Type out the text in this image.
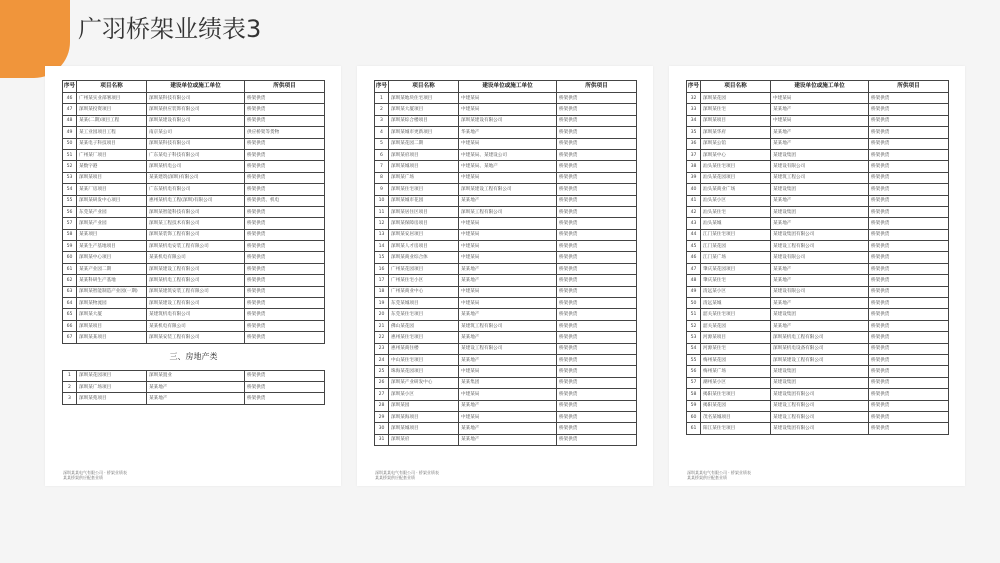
广羽桥架业绩表3
序号	项目名称	建设单位或施工单位	所供项目
46	广州某实业部署项目	深圳某科技有限公司	桥架供货
47	深圳某投资项目	深圳某供应装饰有限公司	桥架供货
48	某某(二期)项目工程	深圳某建设有限公司	桥架供货
49	某工业园项目工程	南京某公司	供应桥架等货物
50	某某电子科技项目	深圳某科技有限公司	桥架供货
51	广州某厂项目	广东某电子科技有限公司	桥架供货
52	某数字港	深圳某机电公司	桥架供货
53	深圳某项目	某某建筑(深圳)有限公司	桥架供货
54	某某厂房项目	广东某机电有限公司	桥架供货
55	深圳某研发中心项目	惠州某机电工程(深圳)有限公司	桥架供货、机电
56	东莞某产业园	深圳某智能科技有限公司	桥架供货
57	深圳某产业园	深圳某工程技术有限公司	桥架供货
58	某某项目	深圳某装饰工程有限公司	桥架供货
59	某某生产基地项目	深圳某机电安装工程有限公司	桥架供货
60	深圳某中心项目	某某机电有限公司	桥架供货
61	某某产业园二期	深圳某建设工程有限公司	桥架供货
62	某某科研生产基地	深圳某机电工程有限公司	桥架供货
63	深圳某智能制造产业园(一期)	深圳某建筑安装工程有限公司	桥架供货
64	深圳某物流园	深圳某建设工程有限公司	桥架供货
65	深圳某大厦	某建筑机电有限公司	桥架供货
66	深圳某项目	某某机电有限公司	桥架供货
67	深圳某某项目	深圳某安装工程有限公司	桥架供货
三、房地产类			
1	深圳某花园项目	深圳某置业	桥架供货
2	深圳某广场项目	某某地产	桥架供货
3	深圳某苑项目	某某地产	桥架供货
深圳某某电气有限公司 · 桥架业绩表
某某桥架供应配套业绩
序号	项目名称	建设单位或施工单位	所供项目
1	深圳某地块住宅项目	中建某局	桥架供货
2	深圳某大厦项目	中建某局	桥架供货
3	深圳某综合楼项目	深圳某建设有限公司	桥架供货
4	深圳某城市更新项目	华某地产	桥架供货
5	深圳某花园二期	中建某局	桥架供货
6	深圳某府项目	中建某局、某建设公司	桥架供货
7	深圳某城项目	中建某局、某地产	桥架供货
8	深圳某广场	中建某局	桥架供货
9	深圳某住宅项目	深圳某建设工程有限公司	桥架供货
10	深圳某城市花园	某某地产	桥架供货
11	深圳某居住区项目	深圳某工程有限公司	桥架供货
12	深圳某保障房项目	中建某局	桥架供货
13	深圳某安居项目	中建某局	桥架供货
14	深圳某人才房项目	中建某局	桥架供货
15	深圳某商业综合体	中建某局	桥架供货
16	广州某花园项目	某某地产	桥架供货
17	广州某住宅小区	某某地产	桥架供货
18	广州某商业中心	中建某局	桥架供货
19	东莞某城项目	中建某局	桥架供货
20	东莞某住宅项目	某某地产	桥架供货
21	佛山某花园	某建筑工程有限公司	桥架供货
22	惠州某住宅项目	某某地产	桥架供货
23	惠州某商住楼	某建设工程有限公司	桥架供货
24	中山某住宅项目	某某地产	桥架供货
25	珠海某花园项目	中建某局	桥架供货
26	深圳某产业研发中心	某某集团	桥架供货
27	深圳某小区	中建某局	桥架供货
28	深圳某园	某某地产	桥架供货
29	深圳某海项目	中建某局	桥架供货
30	深圳某城项目	某某地产	桥架供货
31	深圳某府	某某地产	桥架供货
深圳某某电气有限公司 · 桥架业绩表
某某桥架供应配套业绩
序号	项目名称	建设单位或施工单位	所供项目
32	深圳某花园	中建某局	桥架供货
33	深圳某住宅	某某地产	桥架供货
34	深圳某项目	中建某局	桥架供货
35	深圳某华府	某某地产	桥架供货
36	深圳某公馆	某某地产	桥架供货
37	深圳某中心	某建设集团	桥架供货
38	汕头某住宅项目	某建设有限公司	桥架供货
39	汕头某花园项目	某建筑工程公司	桥架供货
40	汕头某商业广场	某建设集团	桥架供货
41	汕头某小区	某某地产	桥架供货
42	汕头某住宅	某建设集团	桥架供货
43	汕头某城	某某地产	桥架供货
44	江门某住宅项目	某建设集团有限公司	桥架供货
45	江门某花园	某建设工程有限公司	桥架供货
46	江门某广场	某建设有限公司	桥架供货
47	肇庆某花园项目	某某地产	桥架供货
48	肇庆某住宅	某某地产	桥架供货
49	清远某小区	某建设有限公司	桥架供货
50	清远某城	某某地产	桥架供货
51	韶关某住宅项目	某建设集团	桥架供货
52	韶关某花园	某某地产	桥架供货
53	河源某项目	深圳某机电工程有限公司	桥架供货
54	河源某住宅	深圳某机电设备有限公司	桥架供货
55	梅州某花园	深圳某建设工程有限公司	桥架供货
56	梅州某广场	某建设集团	桥架供货
57	潮州某小区	某建设集团	桥架供货
58	揭阳某住宅项目	某建设集团有限公司	桥架供货
59	揭阳某花园	某建设工程有限公司	桥架供货
60	茂名某城项目	某建设工程有限公司	桥架供货
61	阳江某住宅项目	某建设集团有限公司	桥架供货
深圳某某电气有限公司 · 桥架业绩表
某某桥架供应配套业绩
